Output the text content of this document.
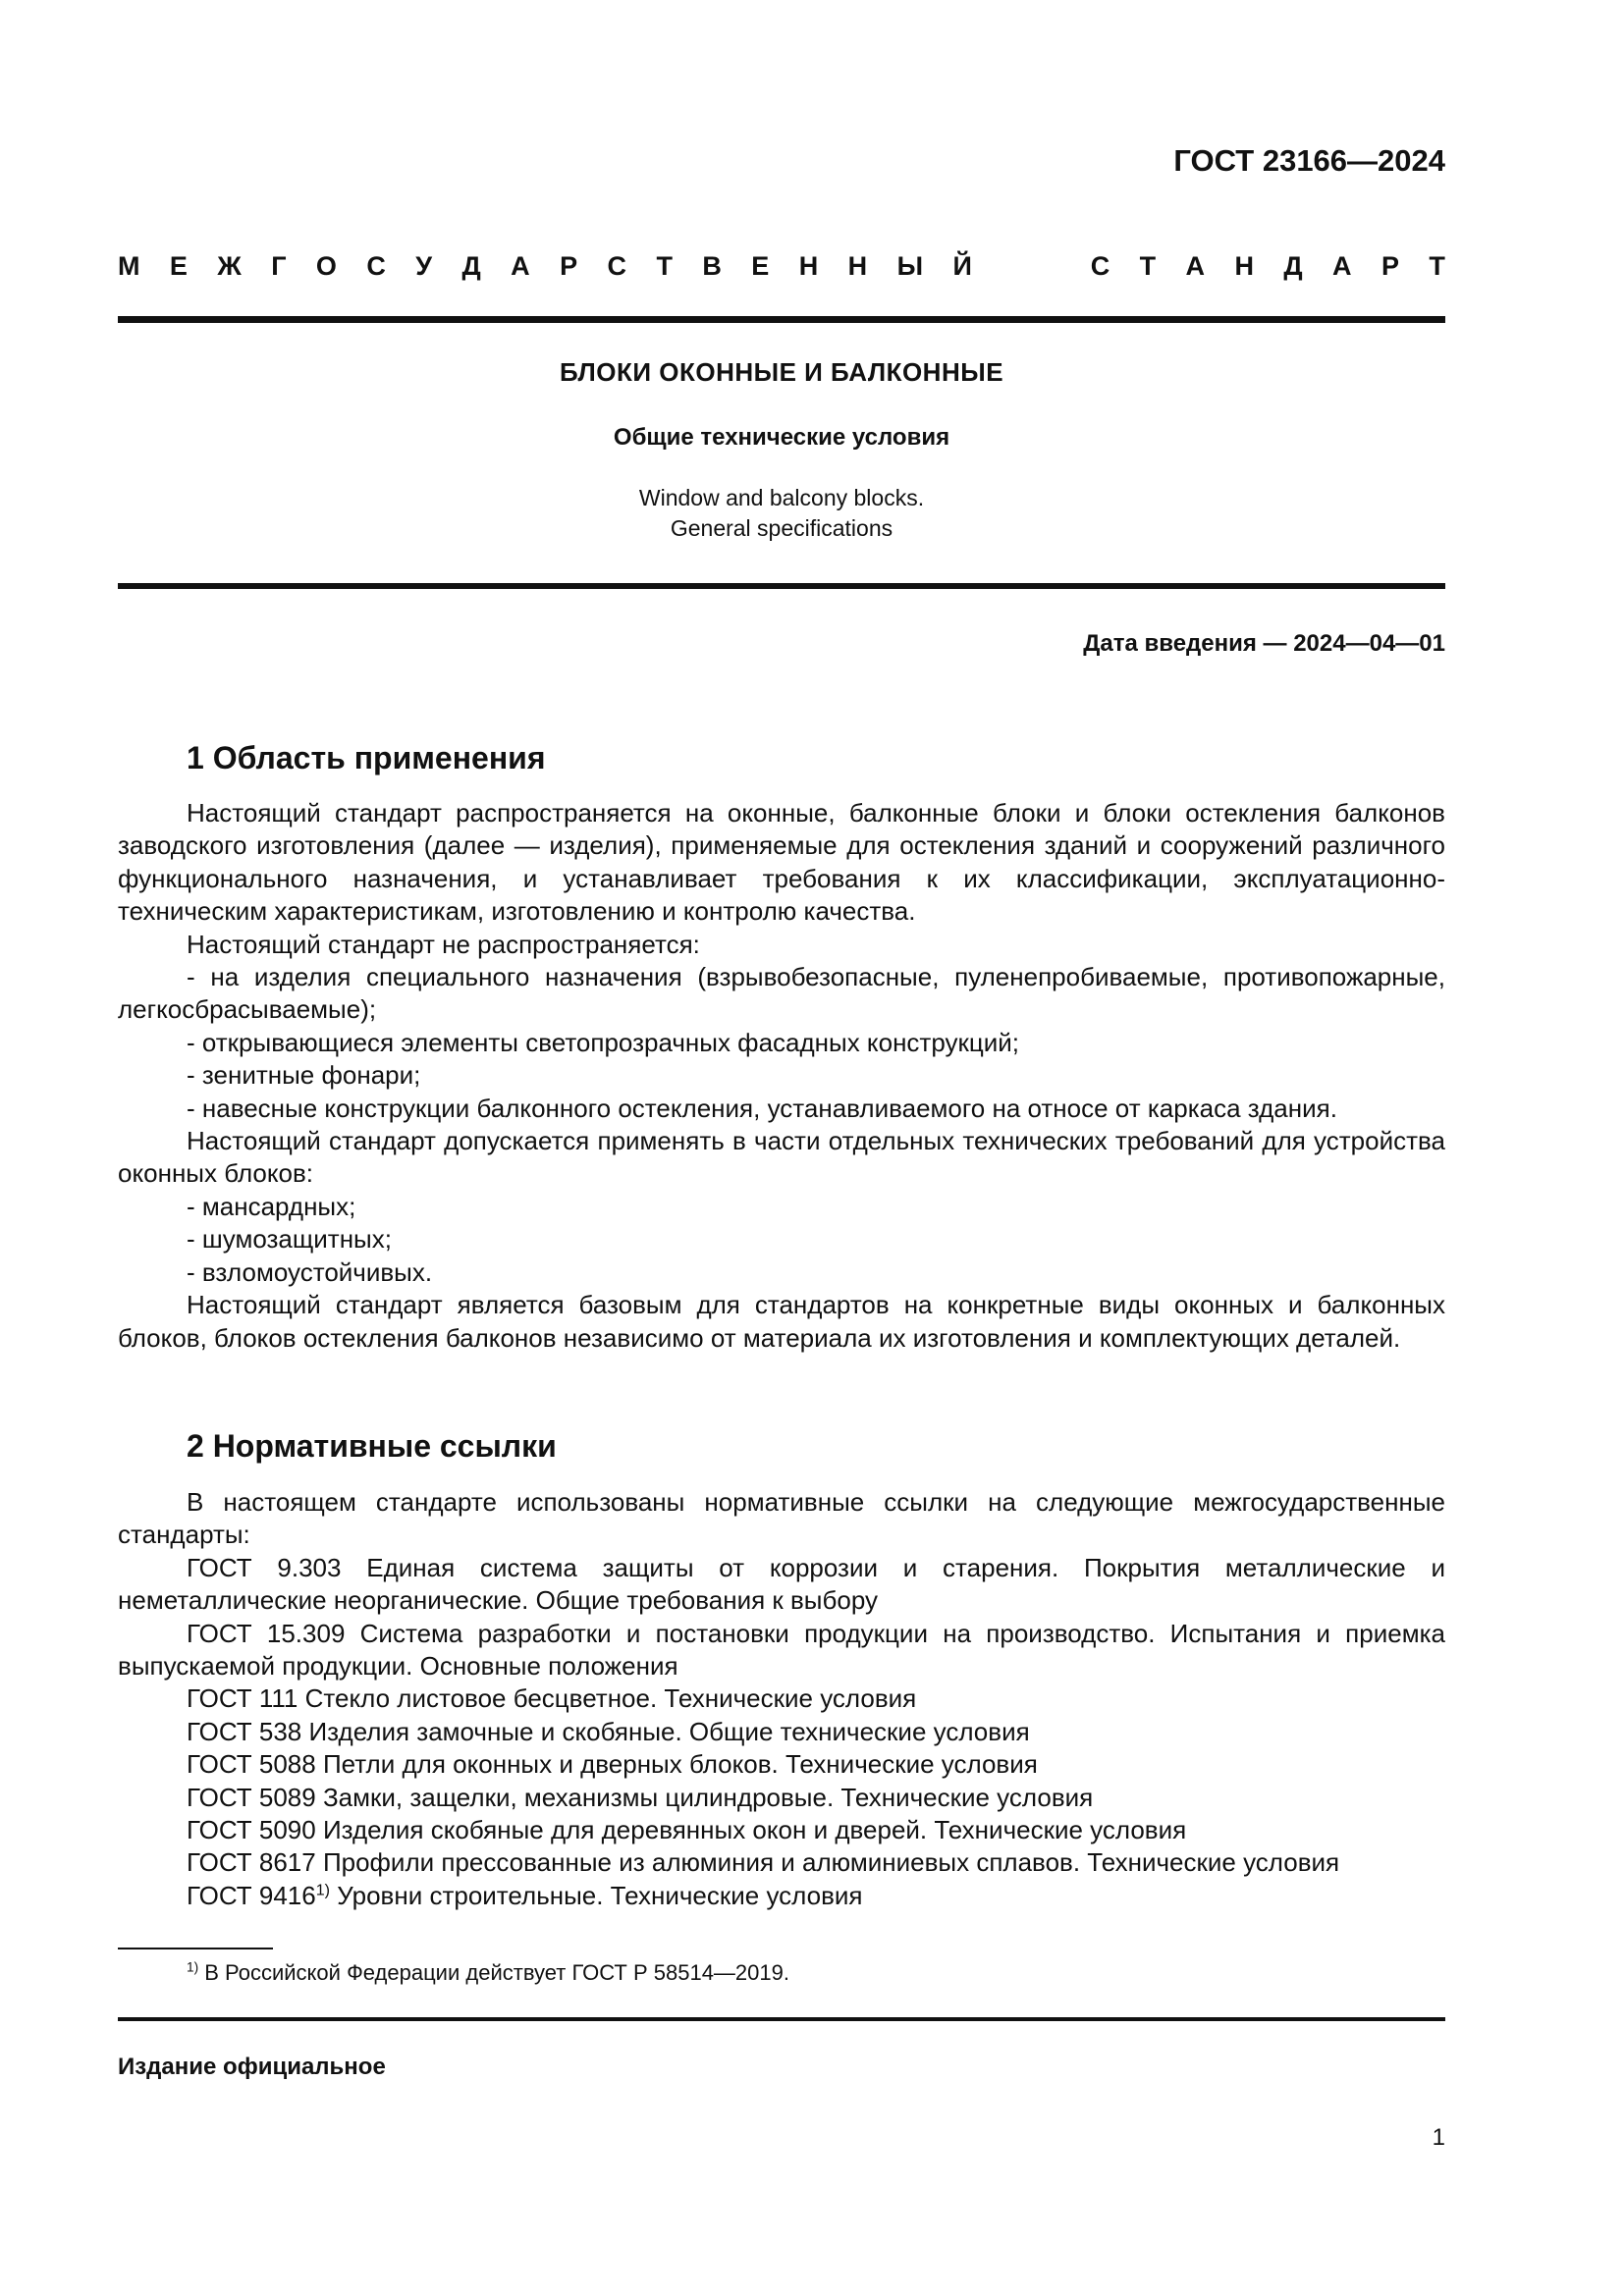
ГОСТ 23166—2024
М Е Ж Г О С У Д А Р С Т В Е Н Н Ы Й	С Т А Н Д А Р Т
БЛОКИ ОКОННЫЕ И БАЛКОННЫЕ
Общие технические условия
Window and balcony blocks.
General specifications
Дата введения — 2024—04—01
1 Область применения

Настоящий стандарт распространяется на оконные, балконные блоки и блоки остекления балконов заводского изготовления (далее — изделия), применяемые для остекления зданий и сооружений различного функционального назначения, и устанавливает требования к их классификации, эксплуатационно-техническим характеристикам, изготовлению и контролю качества.

Настоящий стандарт не распространяется:

- на изделия специального назначения (взрывобезопасные, пуленепробиваемые, противопожарные, легкосбрасываемые);

- открывающиеся элементы светопрозрачных фасадных конструкций;

- зенитные фонари;

- навесные конструкции балконного остекления, устанавливаемого на относе от каркаса здания.

Настоящий стандарт допускается применять в части отдельных технических требований для устройства оконных блоков:

- мансардных;

- шумозащитных;

- взломоустойчивых.

Настоящий стандарт является базовым для стандартов на конкретные виды оконных и балконных блоков, блоков остекления балконов независимо от материала их изготовления и комплектующих деталей.

2 Нормативные ссылки

В настоящем стандарте использованы нормативные ссылки на следующие межгосударственные стандарты:

ГОСТ 9.303 Единая система защиты от коррозии и старения. Покрытия металлические и неметаллические неорганические. Общие требования к выбору

ГОСТ 15.309 Система разработки и постановки продукции на производство. Испытания и приемка выпускаемой продукции. Основные положения

ГОСТ 111 Стекло листовое бесцветное. Технические условия

ГОСТ 538 Изделия замочные и скобяные. Общие технические условия

ГОСТ 5088 Петли для оконных и дверных блоков. Технические условия

ГОСТ 5089 Замки, защелки, механизмы цилиндровые. Технические условия

ГОСТ 5090 Изделия скобяные для деревянных окон и дверей. Технические условия

ГОСТ 8617 Профили прессованные из алюминия и алюминиевых сплавов. Технические условия

ГОСТ 9416$^{1)}$ Уровни строительные. Технические условия

$^{1)}$ В Российской Федерации действует ГОСТ Р 58514—2019.
Издание официальное
1
